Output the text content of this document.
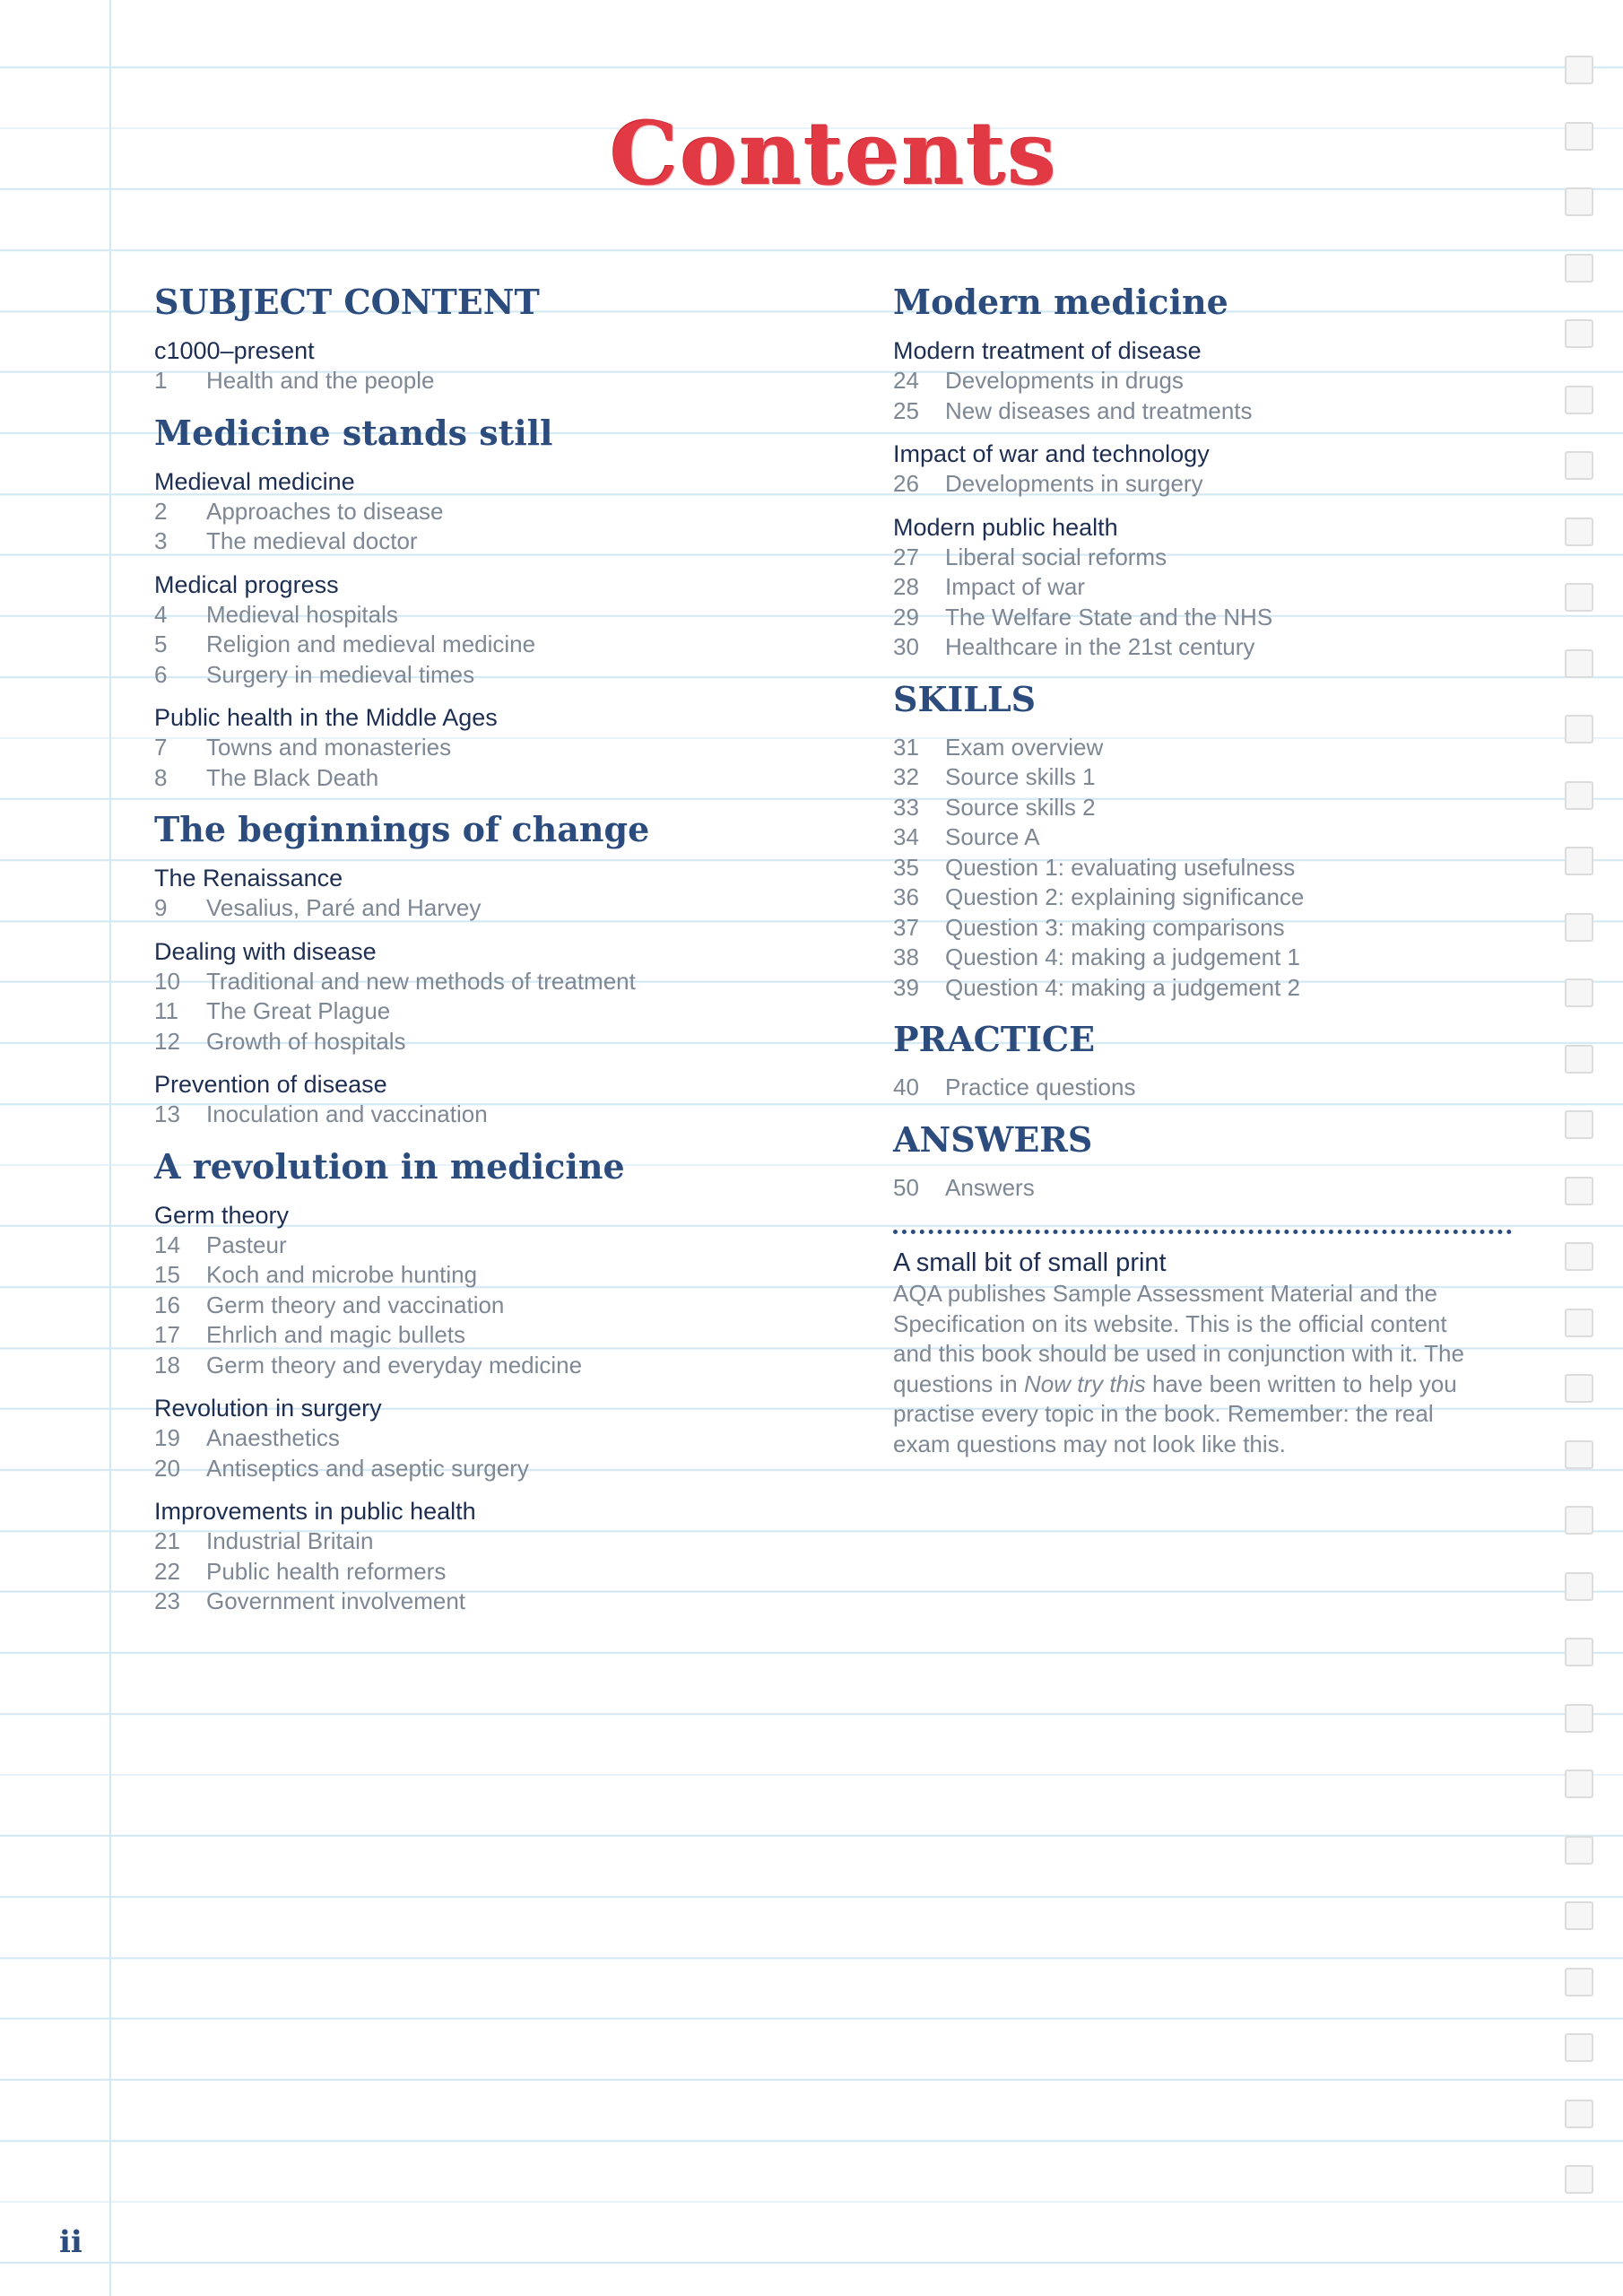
Contents
SUBJECT CONTENT

c1000–present

1 Health and the people
Medicine stands still

Medieval medicine

2 Approaches to disease
3 The medieval doctor

Medical progress

4 Medieval hospitals
5 Religion and medieval medicine
6 Surgery in medieval times

Public health in the Middle Ages

7 Towns and monasteries
8 The Black Death
The beginnings of change

The Renaissance

9 Vesalius, Paré and Harvey

Dealing with disease

10 Traditional and new methods of treatment
11 The Great Plague
12 Growth of hospitals

Prevention of disease

13 Inoculation and vaccination
A revolution in medicine

Germ theory

14 Pasteur
15 Koch and microbe hunting
16 Germ theory and vaccination
17 Ehrlich and magic bullets
18 Germ theory and everyday medicine

Revolution in surgery

19 Anaesthetics
20 Antiseptics and aseptic surgery

Improvements in public health

21 Industrial Britain
22 Public health reformers
23 Government involvement
Modern medicine

Modern treatment of disease

24 Developments in drugs
25 New diseases and treatments

Impact of war and technology

26 Developments in surgery

Modern public health

27 Liberal social reforms
28 Impact of war
29 The Welfare State and the NHS
30 Healthcare in the 21st century
SKILLS
31 Exam overview
32 Source skills 1
33 Source skills 2
34 Source A
35 Question 1: evaluating usefulness
36 Question 2: explaining significance
37 Question 3: making comparisons
38 Question 4: making a judgement 1
39 Question 4: making a judgement 2
PRACTICE
40 Practice questions
ANSWERS
50 Answers

A small bit of small print

AQA publishes Sample Assessment Material and the

Specification on its website. This is the official content

and this book should be used in conjunction with it. The

questions in Now try this have been written to help you

practise every topic in the book. Remember: the real

exam questions may not look like this.

ii
